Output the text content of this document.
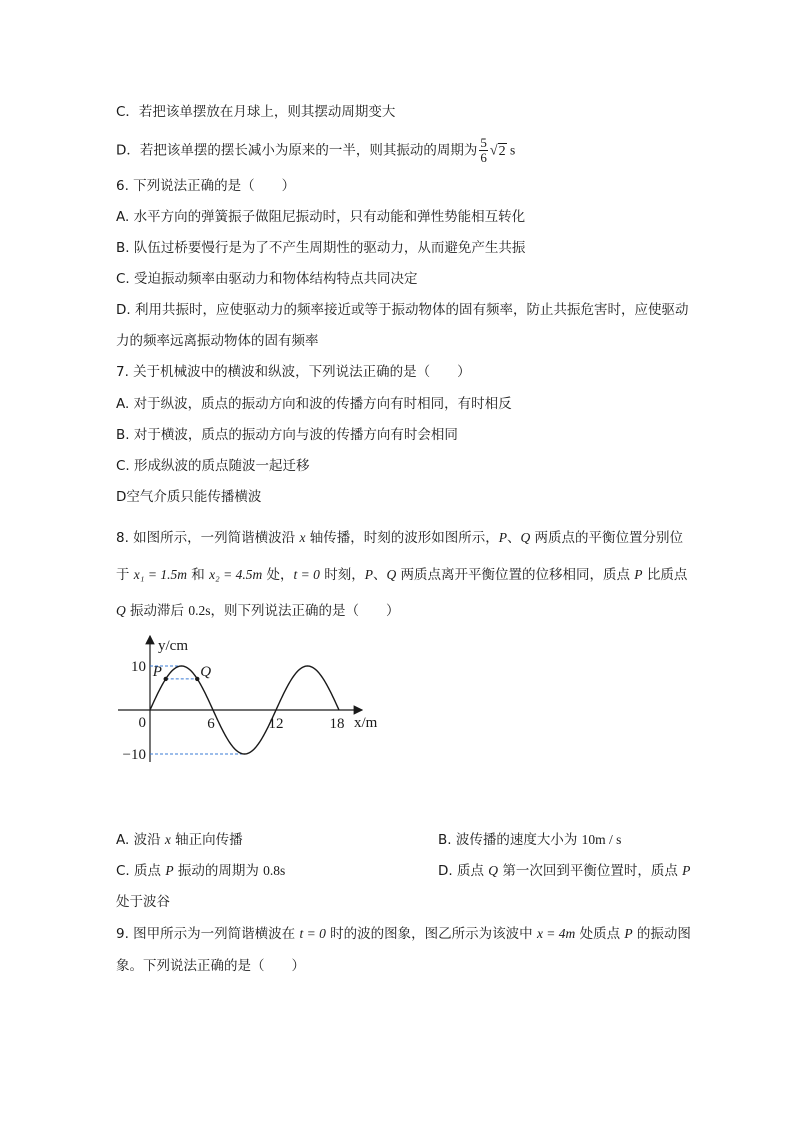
C．若把该单摆放在月球上，则其摆动周期变大
D．若把该单摆的摆长减小为原来的一半，则其振动的周期为 $\frac{5}{6} √2$ s
6. 下列说法正确的是（　　）
A. 水平方向的弹簧振子做阻尼振动时，只有动能和弹性势能相互转化
B. 队伍过桥要慢行是为了不产生周期性的驱动力，从而避免产生共振
C. 受迫振动频率由驱动力和物体结构特点共同决定
D. 利用共振时，应使驱动力的频率接近或等于振动物体的固有频率，防止共振危害时，应使驱动
力的频率远离振动物体的固有频率
7. 关于机械波中的横波和纵波，下列说法正确的是（　　）
A. 对于纵波，质点的振动方向和波的传播方向有时相同，有时相反
B. 对于横波，质点的振动方向与波的传播方向有时会相同
C. 形成纵波的质点随波一起迁移
D空气介质只能传播横波
8. 如图所示，一列简谐横波沿 x 轴传播，时刻的波形如图所示，P、Q 两质点的平衡位置分别位
于 x₁ = 1.5m 和 x₂ = 4.5m 处，t = 0 时刻，P、Q 两质点离开平衡位置的位移相同，质点 P 比质点
Q 振动滞后 0.2s，则下列说法正确的是（　　）
P	Q
y/cm
x/m
0	6	12	18
10
−10
A. 波沿 x 轴正向传播	B. 波传播的速度大小为 10m / s
C. 质点 P 振动的周期为 0.8s	D. 质点 Q 第一次回到平衡位置时，质点 P
处于波谷
9. 图甲所示为一列简谐横波在 t = 0 时的波的图象，图乙所示为该波中 x = 4m 处质点 P 的振动图
象。下列说法正确的是（　　）
